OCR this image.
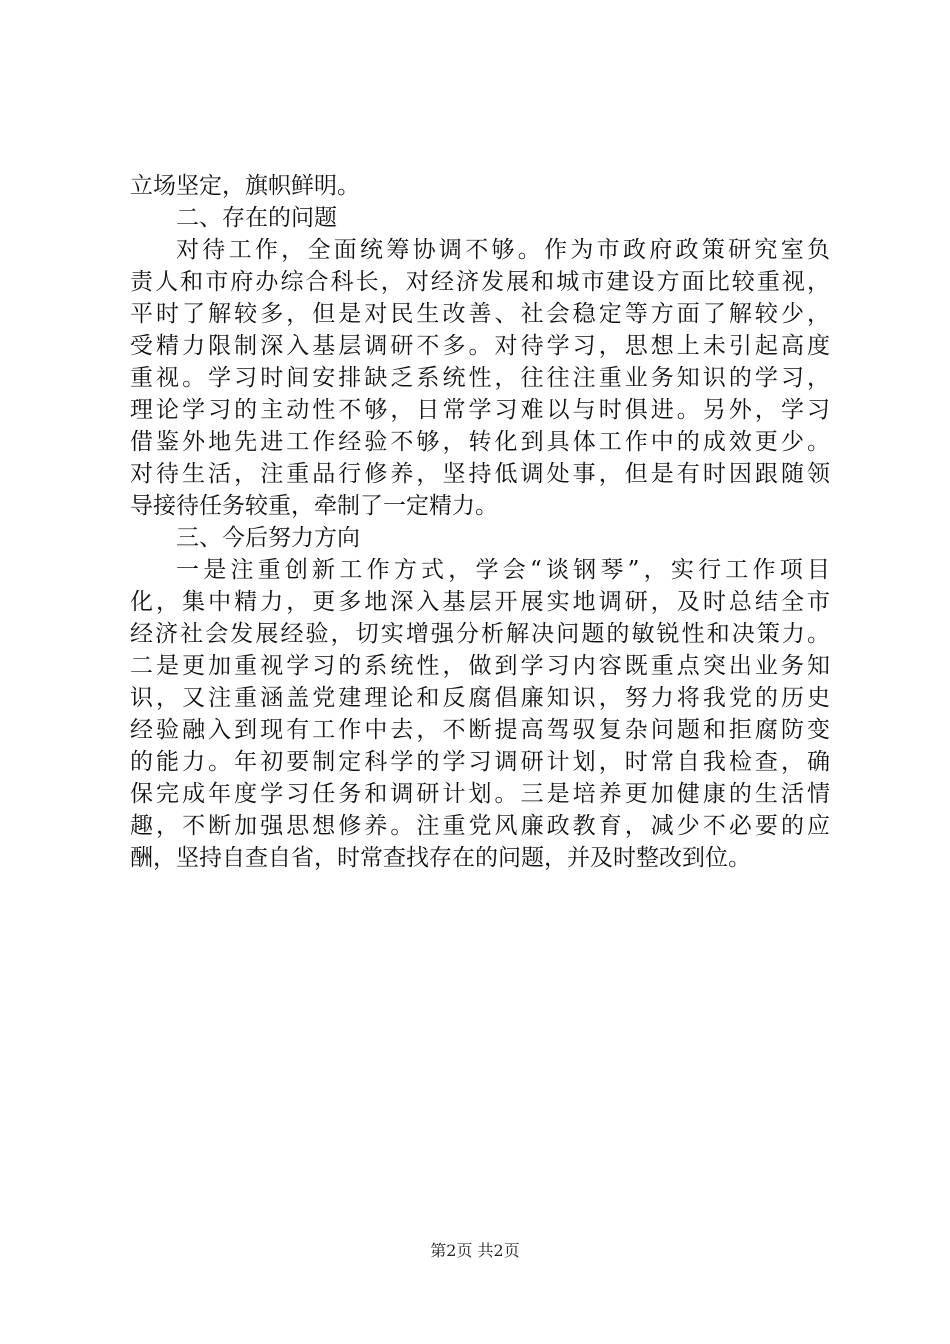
立场坚定，旗帜鲜明。
二、存在的问题
对待工作，全面统筹协调不够。作为市政府政策研究室负
责人和市府办综合科长，对经济发展和城市建设方面比较重视，
平时了解较多，但是对民生改善、社会稳定等方面了解较少，
受精力限制深入基层调研不多。对待学习，思想上未引起高度
重视。学习时间安排缺乏系统性，往往注重业务知识的学习，
理论学习的主动性不够，日常学习难以与时俱进。另外，学习
借鉴外地先进工作经验不够，转化到具体工作中的成效更少。
对待生活，注重品行修养，坚持低调处事，但是有时因跟随领
导接待任务较重，牵制了一定精力。
三、今后努力方向
一是注重创新工作方式，学会“谈钢琴”，实行工作项目
化，集中精力，更多地深入基层开展实地调研，及时总结全市
经济社会发展经验，切实增强分析解决问题的敏锐性和决策力。
二是更加重视学习的系统性，做到学习内容既重点突出业务知
识，又注重涵盖党建理论和反腐倡廉知识，努力将我党的历史
经验融入到现有工作中去，不断提高驾驭复杂问题和拒腐防变
的能力。年初要制定科学的学习调研计划，时常自我检查，确
保完成年度学习任务和调研计划。三是培养更加健康的生活情
趣，不断加强思想修养。注重党风廉政教育，减少不必要的应
酬，坚持自查自省，时常查找存在的问题，并及时整改到位。
第2页 共2页
